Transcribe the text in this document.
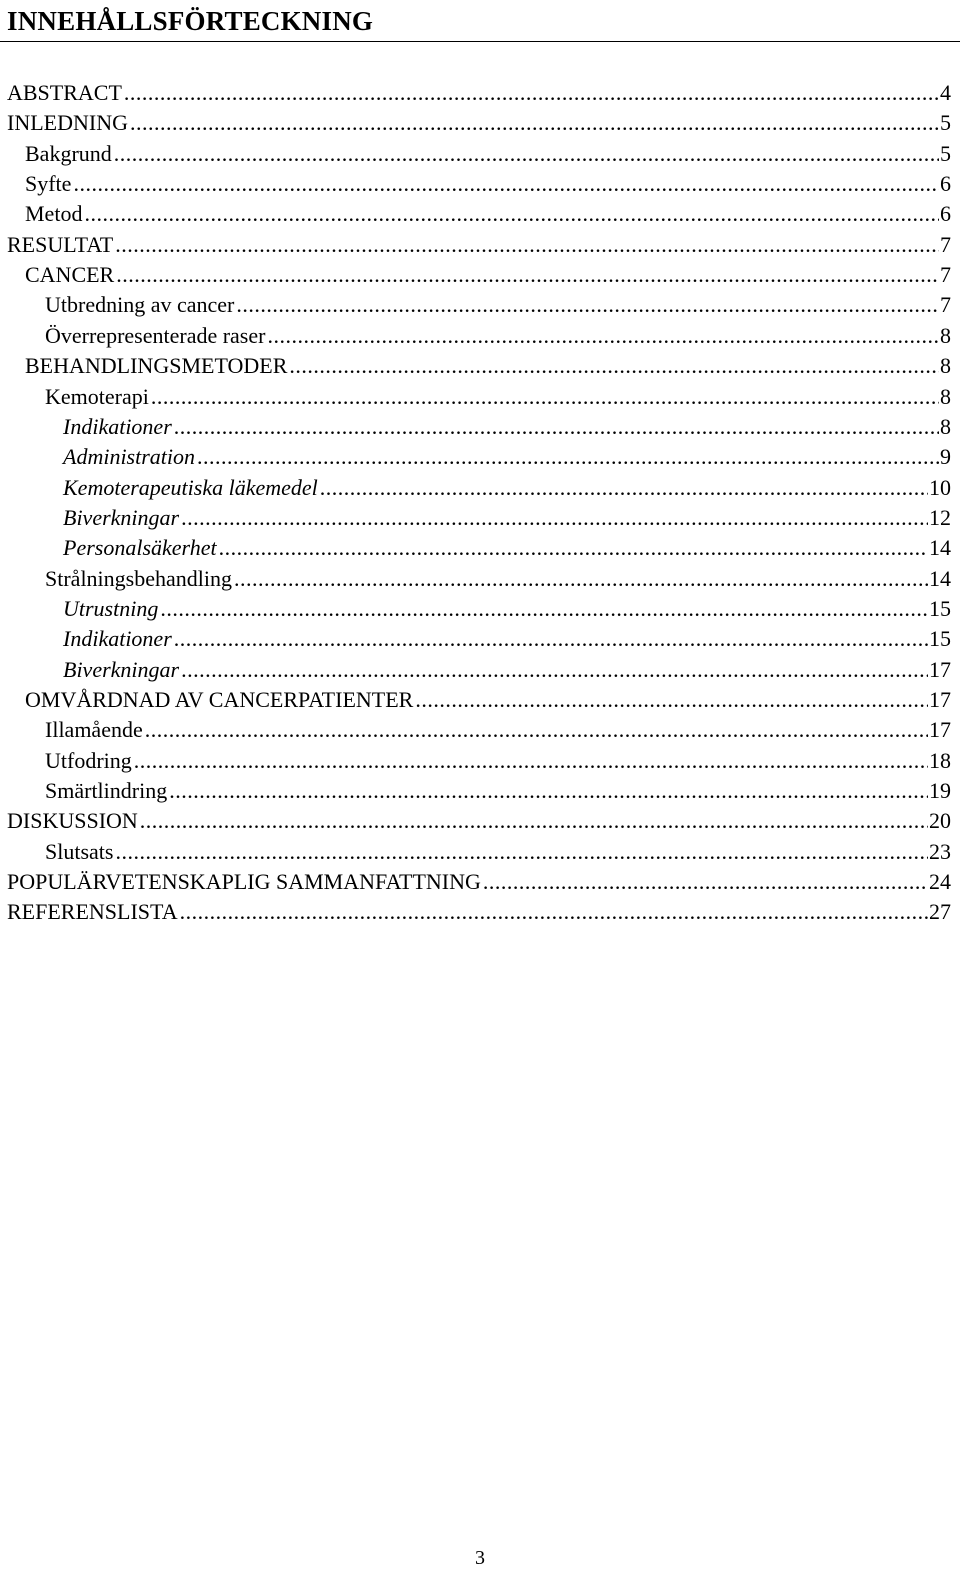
INNEHÅLLSFÖRTECKNING
ABSTRACT .....	4
INLEDNING .....	5
Bakgrund .....	5
Syfte .....	6
Metod .....	6
RESULTAT .....	7
CANCER .....	7
Utbredning av cancer .....	7
Överrepresenterade raser .....	8
BEHANDLINGSMETODER .....	8
Kemoterapi .....	8
Indikationer .....	8
Administration .....	9
Kemoterapeutiska läkemedel .....	10
Biverkningar .....	12
Personalsäkerhet .....	14
Strålningsbehandling .....	14
Utrustning .....	15
Indikationer .....	15
Biverkningar .....	17
OMVÅRDNAD AV CANCERPATIENTER .....	17
Illamående .....	17
Utfodring .....	18
Smärtlindring .....	19
DISKUSSION .....	20
Slutsats .....	23
POPULÄRVETENSKAPLIG SAMMANFATTNING .....	24
REFERENSLISTA .....	27
3
